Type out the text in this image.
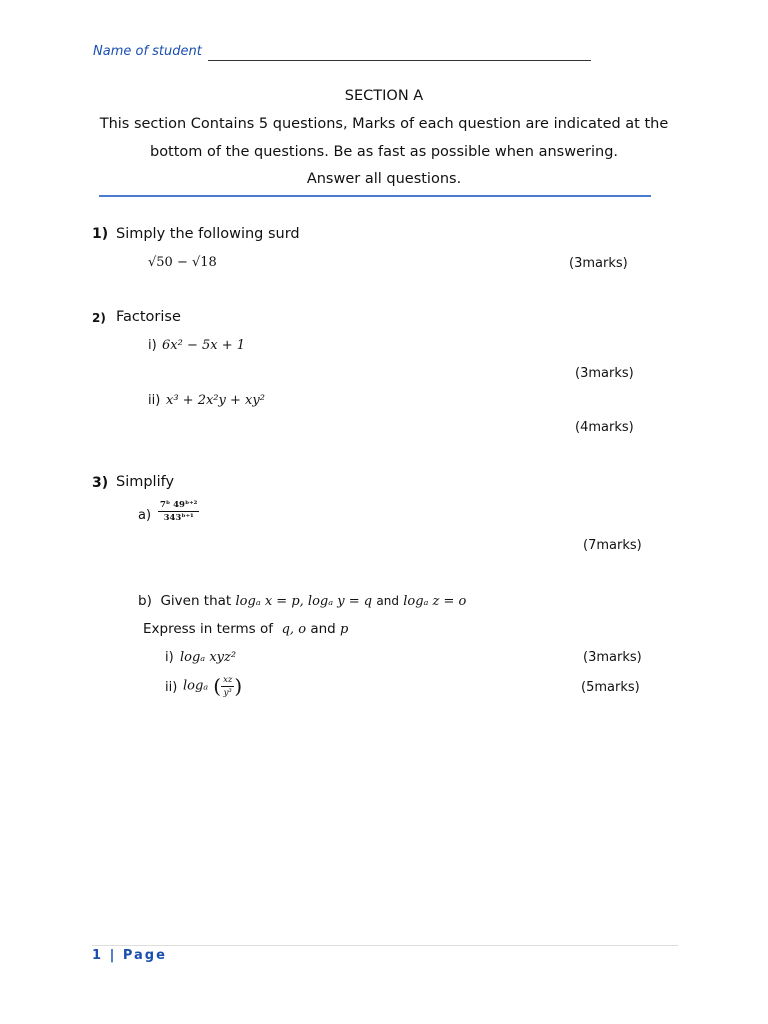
Name of student
SECTION A
This section Contains 5 questions, Marks of each question are indicated at the
bottom of the questions. Be as fast as possible when answering.
Answer all questions.
1) Simply the following surd
√50 − √18	(3marks)
2) Factorise
i) 6x² − 5x + 1
(3marks)
ii) x³ + 2x²y + xy²
(4marks)
3) Simplify
$a) \frac{\text{7ᵇ 49ᵇ⁺²}}{\text{343ᵇ⁺¹}}$
(7marks)
b) Given that logₐ x = p, logₐ y = q and logₐ z = o
Express in terms of q, o and p
i) logₐ xyz²	(3marks)
ii) logₐ ( $\frac{xz}{\text{y³}}$ )	(5marks)
1 | Page
